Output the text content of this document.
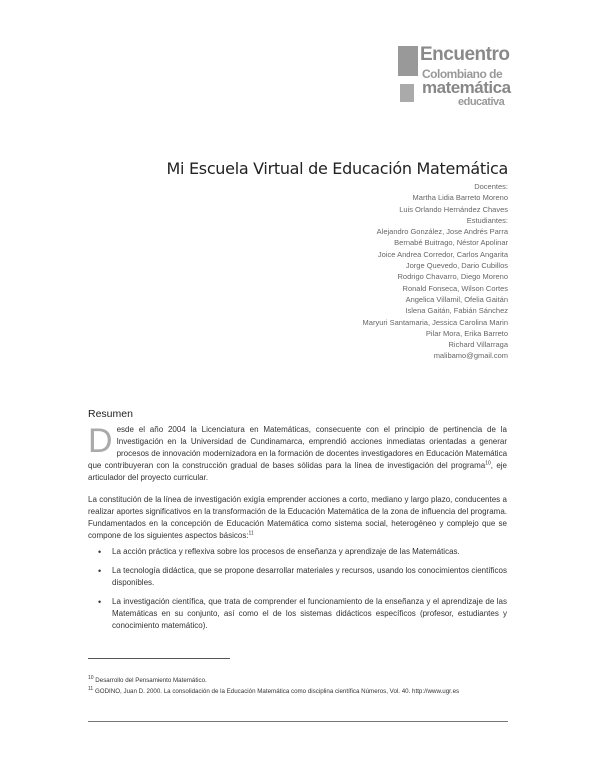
Encuentro
Colombiano de
matemática
educativa
Mi Escuela Virtual de Educación Matemática
Docentes:
Martha Lidia Barreto Moreno
Luis Orlando Hernández Chaves
Estudiantes:
Alejandro González, Jose Andrés Parra
Bernabé Buitrago, Néstor Apolinar
Joice Andrea Corredor, Carlos Angarita
Jorge Quevedo, Dario Cubillos
Rodrigo Chavarro, Diego Moreno
Ronald Fonseca, Wilson Cortes
Angelica Villamil, Ofelia Gaitán
Islena Gaitán, Fabián Sánchez
Maryuri Santamaria, Jessica Carolina Marin
Pilar Mora, Erika Barreto
Richard Villarraga
malibamo@gmail.com
Resumen

Desde el año 2004 la Licenciatura en Matemáticas, consecuente con el principio de pertinencia de la Investigación en la Universidad de Cundinamarca, emprendió acciones inmediatas orientadas a generar procesos de innovación modernizadora en la formación de docentes investigadores en Educación Matemática que contribuyeran con la construcción gradual de bases sólidas para la línea de investigación del programa$^{10}$, eje articulador del proyecto curricular.

La constitución de la línea de investigación exigía emprender acciones a corto, mediano y largo plazo, conducentes a realizar aportes significativos en la transformación de la Educación Matemática de la zona de influencia del programa. Fundamentados en la concepción de Educación Matemática como sistema social, heterogéneo y complejo que se compone de los siguientes aspectos básicos:$^{11}$

• La acción práctica y reflexiva sobre los procesos de enseñanza y aprendizaje de las Matemáticas.
• La tecnología didáctica, que se propone desarrollar materiales y recursos, usando los conocimientos científicos disponibles.
• La investigación científica, que trata de comprender el funcionamiento de la enseñanza y el aprendizaje de las Matemáticas en su conjunto, así como el de los sistemas didácticos específicos (profesor, estudiantes y conocimiento matemático).
$^{10}$ Desarrollo del Pensamiento Matemático.
$^{11}$ GODINO, Juan D. 2000. La consolidación de la Educación Matemática como disciplina científica Números, Vol. 40. http://www.ugr.es
